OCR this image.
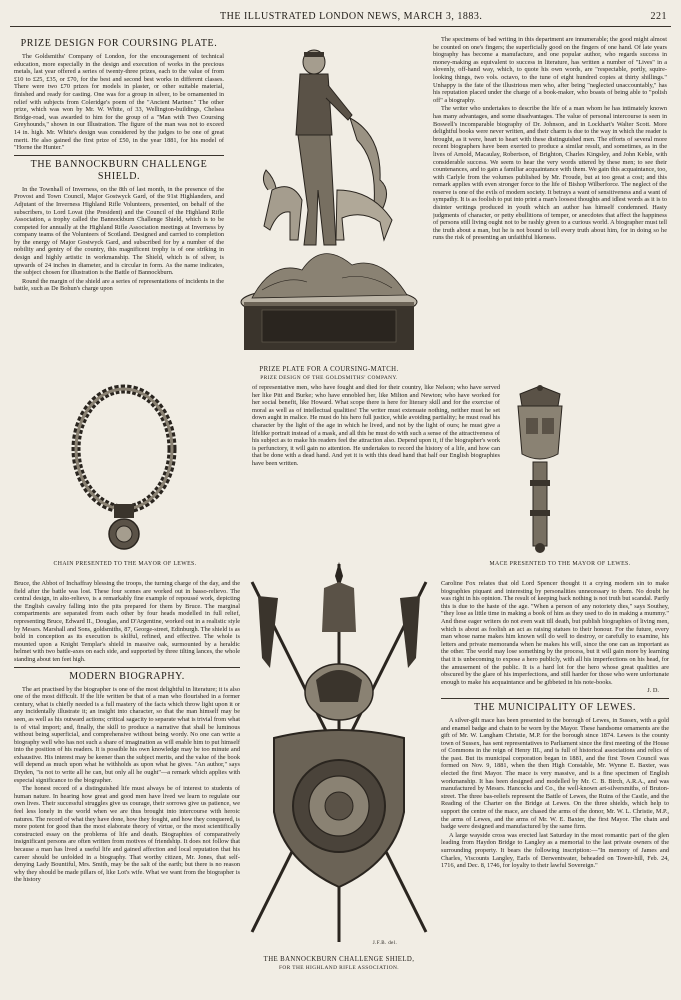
THE ILLUSTRATED LONDON NEWS, MARCH 3, 1883.	221
PRIZE DESIGN FOR COURSING PLATE.

The Goldsmiths' Company of London, for the encouragement of technical education, more especially in the design and execution of works in the precious metals, last year offered a series of twenty-three prizes, each to the value of from £10 to £25, £35, or £70, for the best and second best works in different classes. There were two £70 prizes for models in plaster, or other suitable material, finished and ready for casting. One was for a group in silver, to be ornamented in relief with subjects from Coleridge's poem of the "Ancient Mariner." The other prize, which was won by Mr. W. White, of 33, Wellington-buildings, Chelsea Bridge-road, was awarded to him for the group of a "Man with Two Coursing Greyhounds," shown in our Illustration. The figure of the man was not to exceed 14 in. high. Mr. White's design was considered by the judges to be one of great merit. He also gained the first prize of £50, in the year 1881, for his model of "Horne the Hunter."

THE BANNOCKBURN CHALLENGE SHIELD.

In the Townhall of Inverness, on the 8th of last month, in the presence of the Provost and Town Council, Major Gostwyck Gard, of the 91st Highlanders, and Adjutant of the Inverness Highland Rifle Volunteers, presented, on behalf of the subscribers, to Lord Lovat (the President) and the Council of the Highland Rifle Association, a trophy called the Bannockburn Challenge Shield, which is to be competed for annually at the Highland Rifle Association meetings at Inverness by company teams of the Volunteers of Scotland. Designed and carried to completion by the energy of Major Gostwyck Gard, and subscribed for by a number of the nobility and gentry of the country, this magnificent trophy is of one striking in design and highly artistic in workmanship. The Shield, which is of silver, is upwards of 24 inches in diameter, and is circular in form. As the name indicates, the subject chosen for illustration is the Battle of Bannockburn.

Round the margin of the shield are a series of representations of incidents in the battle, such as De Bohun's charge upon

PRIZE PLATE FOR A COURSING-MATCH.
PRIZE DESIGN OF THE GOLDSMITHS' COMPANY.

The specimens of bad writing in this department are innumerable; the good might almost be counted on one's fingers; the superficially good on the fingers of one hand. Of late years biography has become a manufacture, and one popular author, who regards success in money-making as equivalent to success in literature, has written a number of "Lives" in a slovenly, off-hand way, which, to quote his own words, are "respectable, portly, squire-looking things, two vols. octavo, to the tune of eight hundred copies at thirty shillings." Unhappy is the fate of the illustrious men who, after being "neglected unaccountably," has his reputation placed under the charge of a book-maker, who boasts of being able to "polish off" a biography.

The writer who undertakes to describe the life of a man whom he has intimately known has many advantages, and some disadvantages. The value of personal intercourse is seen in Boswell's incomparable biography of Dr. Johnson, and in Lockhart's Walter Scott. More delightful books were never written, and their charm is due to the way in which the reader is brought, as it were, heart to heart with these distinguished men. The efforts of several more recent biographers have been exerted to produce a similar result, and sometimes, as in the lives of Arnold, Macaulay, Robertson, of Brighton, Charles Kingsley, and John Keble, with considerable success. We seem to hear the very words uttered by these men; to see their countenances, and to gain a familiar acquaintance with them. We gain this acquaintance, too, with Carlyle from the volumes published by Mr. Froude, but at too great a cost; and this remark applies with even stronger force to the life of Bishop Wilberforce. The neglect of the reserve is one of the evils of modern society. It betrays a want of sensitiveness and a want of sympathy. It is as foolish to put into print a man's loosest thoughts and idlest words as it is to disinter writings produced in youth which an author has himself condemned. Hasty judgments of character, or petty ebullitions of temper, or anecdotes that affect the happiness of persons still living ought not to be rashly given to a curious world. A biographer must tell the truth about a man, but he is not bound to tell every truth about him, for in doing so he runs the risk of presenting an unfaithful likeness.

CHAIN PRESENTED TO THE MAYOR OF LEWES.

of representative men, who have fought and died for their country, like Nelson; who have served her like Pitt and Burke; who have ennobled her, like Milton and Newton; who have worked for her social benefit, like Howard. What scope there is here for literary skill and for the exercise of moral as well as of intellectual qualities! The writer must extenuate nothing, neither must he set down aught in malice. He must do his hero full justice, while avoiding partiality; he must read his character by the light of the age in which he lived, and not by the light of ours; he must give a lifelike portrait instead of a mask, and all this he must do with such a sense of the attractiveness of his subject as to make his readers feel the attraction also. Depend upon it, if the biographer's work is perfunctory, it will gain no attention. He undertakes to record the history of a life, and how can that be done with a dead hand. And yet it is with this dead hand that half our English biographies have been written.

MACE PRESENTED TO THE MAYOR OF LEWES.

Bruce, the Abbot of Inchaffray blessing the troops, the turning charge of the day, and the field after the battle was lost. These four scenes are worked out in basso-relievo. The central design, in alto-relievo, is a remarkably fine example of repoussé work, depicting the English cavalry falling into the pits prepared for them by Bruce. The marginal compartments are separated from each other by four heads modelled in full relief, representing Bruce, Edward II., Douglas, and D'Argentine, worked out in a realistic style by Messrs. Marshall and Sons, goldsmiths, 87, George-street, Edinburgh. The shield is as bold in conception as its execution is skilful, refined, and effective. The whole is mounted upon a Knight Templar's shield in massive oak, surmounted by a heraldic helmet with two battle-axes on each side, and supported by three tilting lances, the whole standing about ten feet high.

MODERN BIOGRAPHY.

The art practised by the biographer is one of the most delightful in literature; it is also one of the most difficult. If the life written be that of a man who flourished in a former century, what is chiefly needed is a full mastery of the facts which throw light upon it or any incidentally illustrate it; an insight into character, so that the man himself may be seen, as well as his outward actions; critical sagacity to separate what is trivial from what is of vital import; and, finally, the skill to produce a narrative that shall be luminous without being superficial, and comprehensive without being wordy. No one can write a biography well who has not such a share of imagination as will enable him to put himself into the position of his readers. It is possible his own knowledge may be too minute and exhaustive. His interest may be keener than the subject merits, and the value of the book will depend as much upon what he withholds as upon what he gives. "An author," says Dryden, "is not to write all he can, but only all he ought"—a remark which applies with especial significance to the biographer.

The honest record of a distinguished life must always be of interest to students of human nature. In hearing how great and good men have lived we learn to regulate our own lives. Their successful struggles give us courage, their sorrows give us patience, we feel less lonely in the world when we are thus brought into intercourse with heroic natures. The record of what they have done, how they fought, and how they conquered, is more potent for good than the most elaborate theory of virtue, or the most scientifically constructed essay on the problems of life and death. Biographies of comparatively insignificant persons are often written from motives of friendship. It does not follow that because a man has lived a useful life and gained affection and local reputation that his career should be unfolded in a biography. That worthy citizen, Mr. Jones, that self-denying Lady Bountiful, Mrs. Smith, may be the salt of the earth; but there is no reason why they should be made pillars of, like Lot's wife. What we want from the biographer is the history

J.F.B. del.
THE BANNOCKBURN CHALLENGE SHIELD,
FOR THE HIGHLAND RIFLE ASSOCIATION.

Caroline Fox relates that old Lord Spencer thought it a crying modern sin to make biographies piquant and interesting by personalities unnecessary to them. No doubt he was right in his opinion. The result of keeping back nothing is not truth but scandal. Partly this is due to the haste of the age. "When a person of any notoriety dies," says Southey, "they lose as little time in making a book of him as they used to do in making a mummy." And these eager writers do not even wait till death, but publish biographies of living men, which is about as foolish an act as raising statues to their honour. For the future, every man whose name makes him known will do well to destroy, or carefully to examine, his letters and private memoranda when he makes his will, since the one can as important as the other. The world may lose something by the process, but it will gain more by learning that it is unbecoming to expose a hero publicly, with all his imperfections on his head, for the amusement of the public. It is a hard lot for the hero whose great qualities are obscured by the glare of his imperfections, and still harder for those who were unfortunate enough to make his acquaintance and be gibbeted in his note-books.

J. D.
THE MUNICIPALITY OF LEWES.

A silver-gilt mace has been presented to the borough of Lewes, in Sussex, with a gold and enamel badge and chain to be worn by the Mayor. These handsome ornaments are the gift of Mr. W. Langham Christie, M.P. for the borough since 1874. Lewes is the county town of Sussex, has sent representatives to Parliament since the first meeting of the House of Commons in the reign of Henry III., and is full of historical associations and relics of the past. But its municipal corporation began in 1881, and the first Town Council was formed on Nov. 9, 1881, when the then High Constable, Mr. Wynne E. Baxter, was elected the first Mayor. The mace is very massive, and is a fine specimen of English workmanship. It has been designed and modelled by Mr. C. B. Birch, A.R.A., and was manufactured by Messrs. Hancocks and Co., the well-known art-silversmiths, of Bruton-street. The three bas-reliefs represent the Battle of Lewes, the Ruins of the Castle, and the Reading of the Charter on the Bridge at Lewes. On the three shields, which help to support the centre of the mace, are chased the arms of the donor, Mr. W. L. Christie, M.P., the arms of Lewes, and the arms of Mr. W. E. Baxter, the first Mayor. The chain and badge were designed and manufactured by the same firm.

A large wayside cross was erected last Saturday in the most romantic part of the glen leading from Haydon Bridge to Langley as a memorial to the last private owners of the surrounding property. It bears the following inscription:—"In memory of James and Charles, Viscounts Langley, Earls of Derwentwater, beheaded on Tower-hill, Feb. 24, 1716, and Dec. 8, 1746, for loyalty to their lawful Sovereign."
